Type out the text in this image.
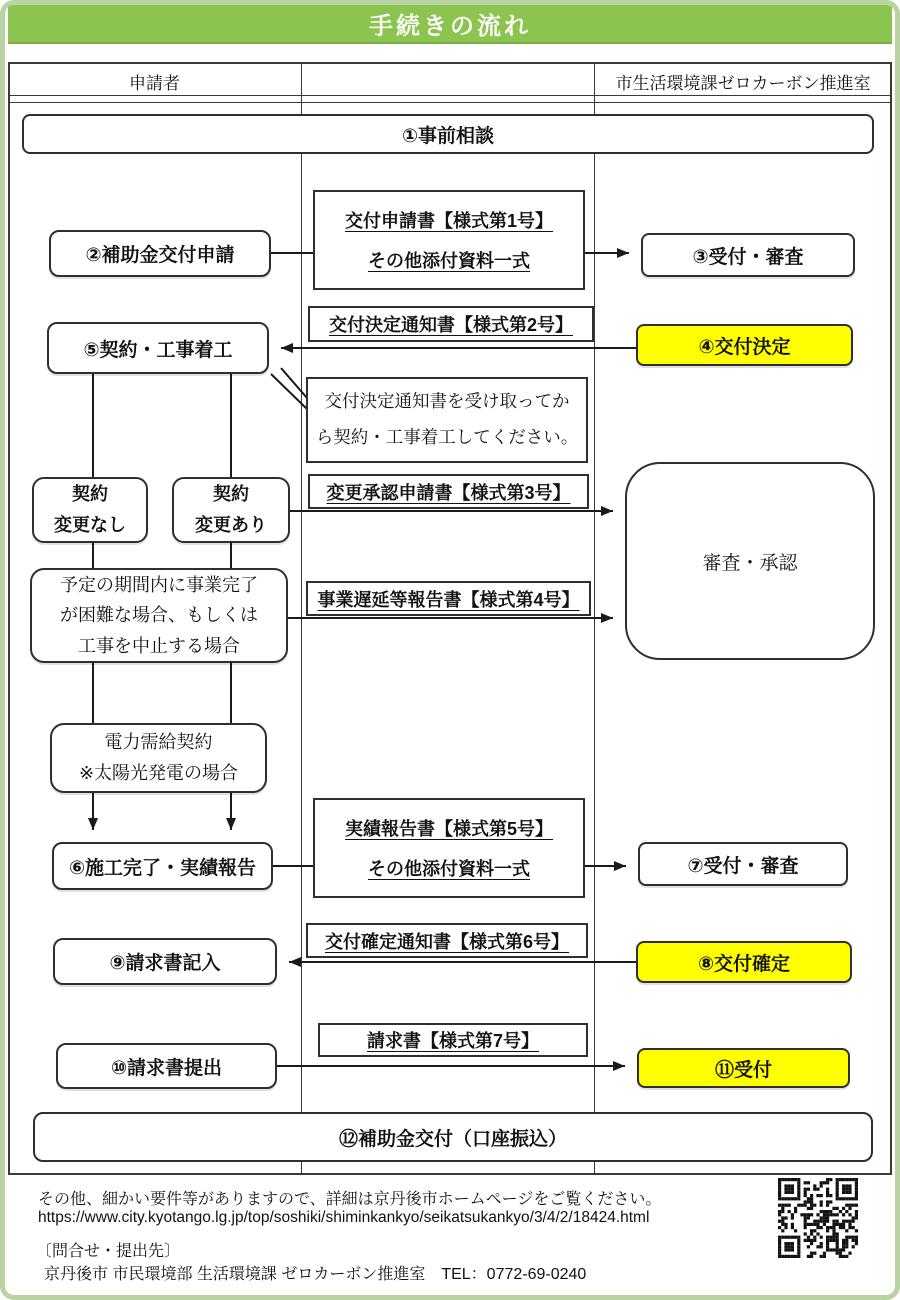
手続きの流れ
申請者	市生活環境課ゼロカーボン推進室
①事前相談
交付申請書【様式第1号】
その他添付資料一式
②補助金交付申請	③受付・審査
交付決定通知書【様式第2号】
⑤契約・工事着工	④交付決定
交付決定通知書を受け取ってか
ら契約・工事着工してください。
契約
変更なし
契約
変更あり
変更承認申請書【様式第3号】
審査・承認
予定の期間内に事業完了
が困難な場合、もしくは
工事を中止する場合
事業遅延等報告書【様式第4号】
電力需給契約
※太陽光発電の場合
実績報告書【様式第5号】
その他添付資料一式
⑥施工完了・実績報告	⑦受付・審査
交付確定通知書【様式第6号】
⑨請求書記入	⑧交付確定
請求書【様式第7号】
⑩請求書提出	⑪受付
⑫補助金交付（口座振込）
その他、細かい要件等がありますので、詳細は京丹後市ホームページをご覧ください。
https://www.city.kyotango.lg.jp/top/soshiki/shiminkankyo/seikatsukankyo/3/4/2/18424.html
〔問合せ・提出先〕
京丹後市 市民環境部 生活環境課 ゼロカーボン推進室　TEL：0772-69-0240
